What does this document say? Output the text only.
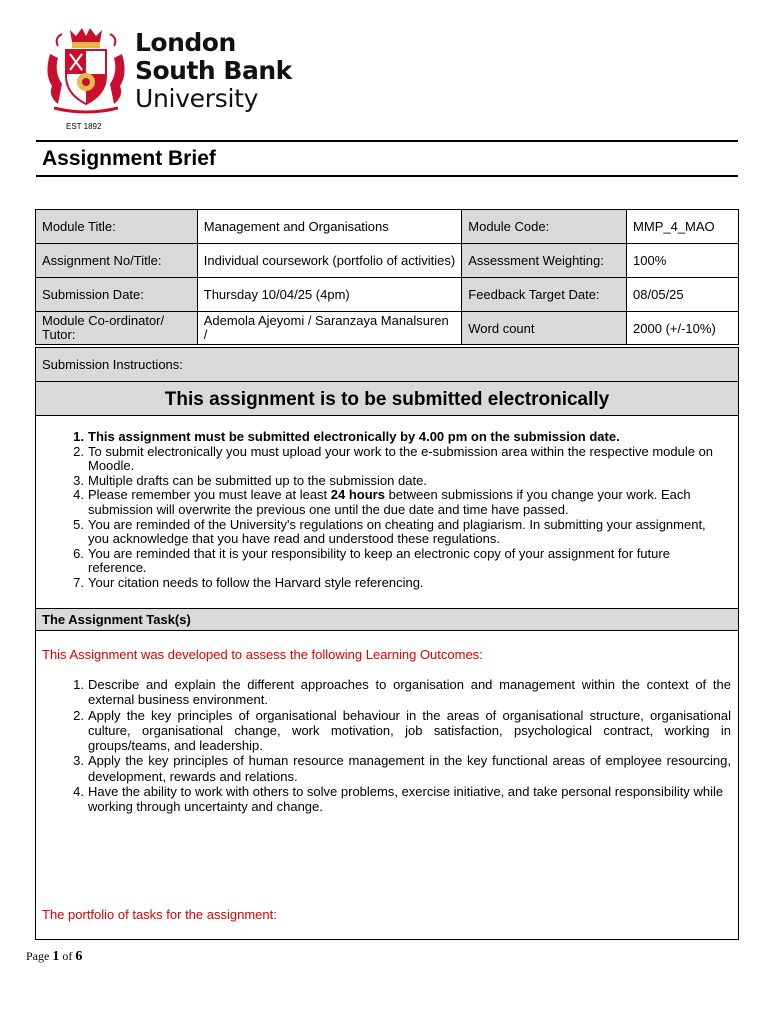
London
South Bank
University
EST 1892
Assignment Brief
Module Title:	Management and Organisations	Module Code:	MMP_4_MAO
Assignment No/Title:	Individual coursework (portfolio of activities)	Assessment Weighting:	100%
Submission Date:	Thursday 10/04/25 (4pm)	Feedback Target Date:	08/05/25
Module Co-ordinator/ Tutor:	Ademola Ajeyomi / Saranzaya Manalsuren /	Word count	2000 (+/-10%)
Submission Instructions:
This assignment is to be submitted electronically
1. This assignment must be submitted electronically by 4.00 pm on the submission date.
2. To submit electronically you must upload your work to the e-submission area within the respective module on Moodle.
3. Multiple drafts can be submitted up to the submission date.
4. Please remember you must leave at least 24 hours between submissions if you change your work. Each submission will overwrite the previous one until the due date and time have passed.
5. You are reminded of the University's regulations on cheating and plagiarism. In submitting your assignment, you acknowledge that you have read and understood these regulations.
6. You are reminded that it is your responsibility to keep an electronic copy of your assignment for future reference.
7. Your citation needs to follow the Harvard style referencing.
The Assignment Task(s)
This Assignment was developed to assess the following Learning Outcomes:
1. Describe and explain the different approaches to organisation and management within the context of the external business environment.
2. Apply the key principles of organisational behaviour in the areas of organisational structure, organisational culture, organisational change, work motivation, job satisfaction, psychological contract, working in groups/teams, and leadership.
3. Apply the key principles of human resource management in the key functional areas of employee resourcing, development, rewards and relations.
4. Have the ability to work with others to solve problems, exercise initiative, and take personal responsibility while working through uncertainty and change.
The portfolio of tasks for the assignment:
Page 1 of 6
